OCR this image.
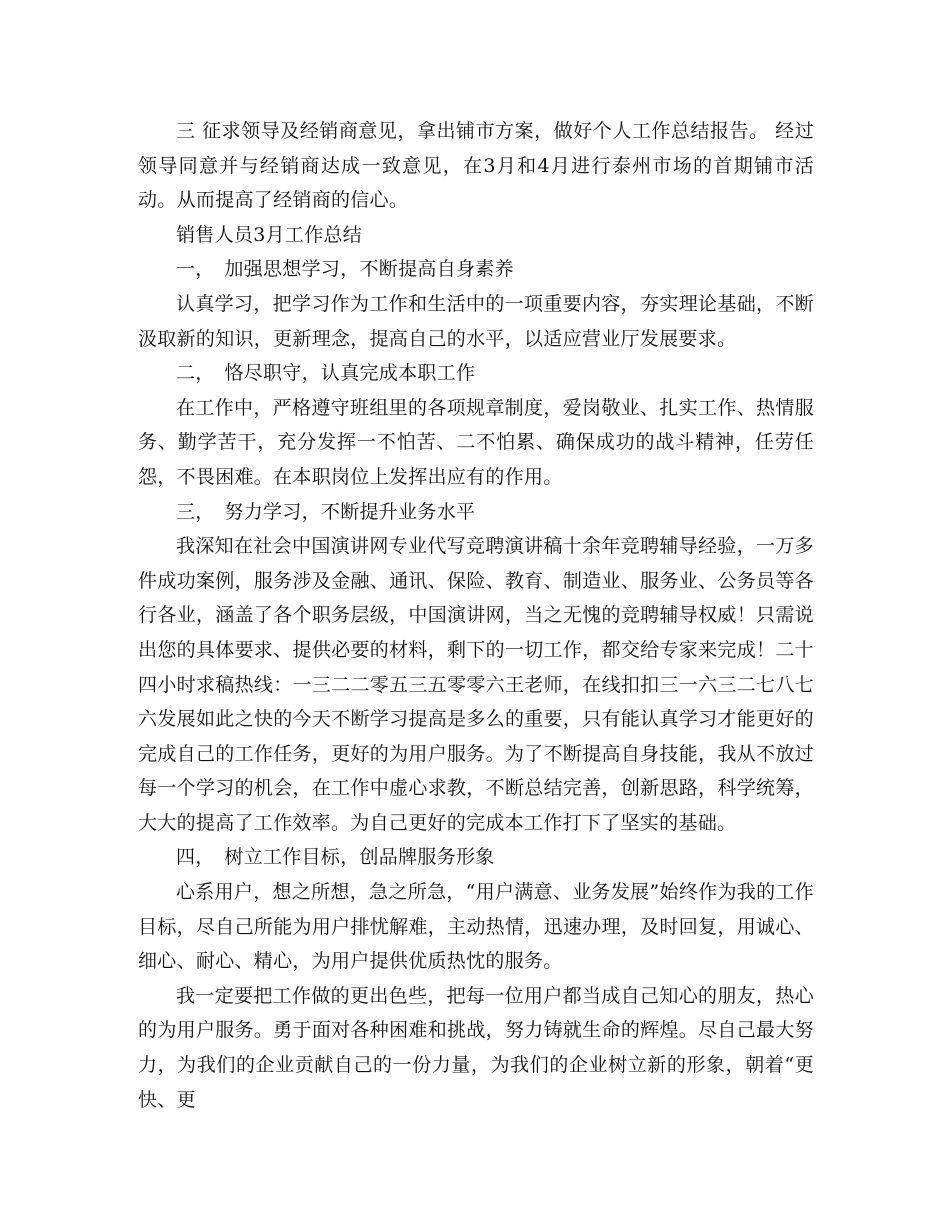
三 征求领导及经销商意见，拿出铺市方案，做好个人工作总结报告。 经过领导同意并与经销商达成一致意见，在3月和4月进行泰州市场的首期铺市活动。从而提高了经销商的信心。

销售人员3月工作总结

一，　加强思想学习，不断提高自身素养

认真学习，把学习作为工作和生活中的一项重要内容，夯实理论基础，不断汲取新的知识，更新理念，提高自己的水平，以适应营业厅发展要求。

二，　恪尽职守，认真完成本职工作

在工作中，严格遵守班组里的各项规章制度，爱岗敬业、扎实工作、热情服务、勤学苦干，充分发挥一不怕苦、二不怕累、确保成功的战斗精神，任劳任怨，不畏困难。在本职岗位上发挥出应有的作用。

三，　努力学习，不断提升业务水平

我深知在社会中国演讲网专业代写竞聘演讲稿十余年竞聘辅导经验，一万多件成功案例，服务涉及金融、通讯、保险、教育、制造业、服务业、公务员等各行各业，涵盖了各个职务层级，中国演讲网，当之无愧的竞聘辅导权威！只需说出您的具体要求、提供必要的材料，剩下的一切工作，都交给专家来完成！二十四小时求稿热线：一三二二零五三五零零六王老师，在线扣扣三一六三二七八七六发展如此之快的今天不断学习提高是多么的重要，只有能认真学习才能更好的完成自己的工作任务，更好的为用户服务。为了不断提高自身技能，我从不放过每一个学习的机会，在工作中虚心求教，不断总结完善，创新思路，科学统筹，大大的提高了工作效率。为自己更好的完成本工作打下了坚实的基础。

四，　树立工作目标，创品牌服务形象

心系用户，想之所想，急之所急，“用户满意、业务发展”始终作为我的工作目标，尽自己所能为用户排忧解难，主动热情，迅速办理，及时回复，用诚心、细心、耐心、精心，为用户提供优质热忱的服务。

我一定要把工作做的更出色些，把每一位用户都当成自己知心的朋友，热心的为用户服务。勇于面对各种困难和挑战，努力铸就生命的辉煌。尽自己最大努力，为我们的企业贡献自己的一份力量，为我们的企业树立新的形象，朝着“更快、更
